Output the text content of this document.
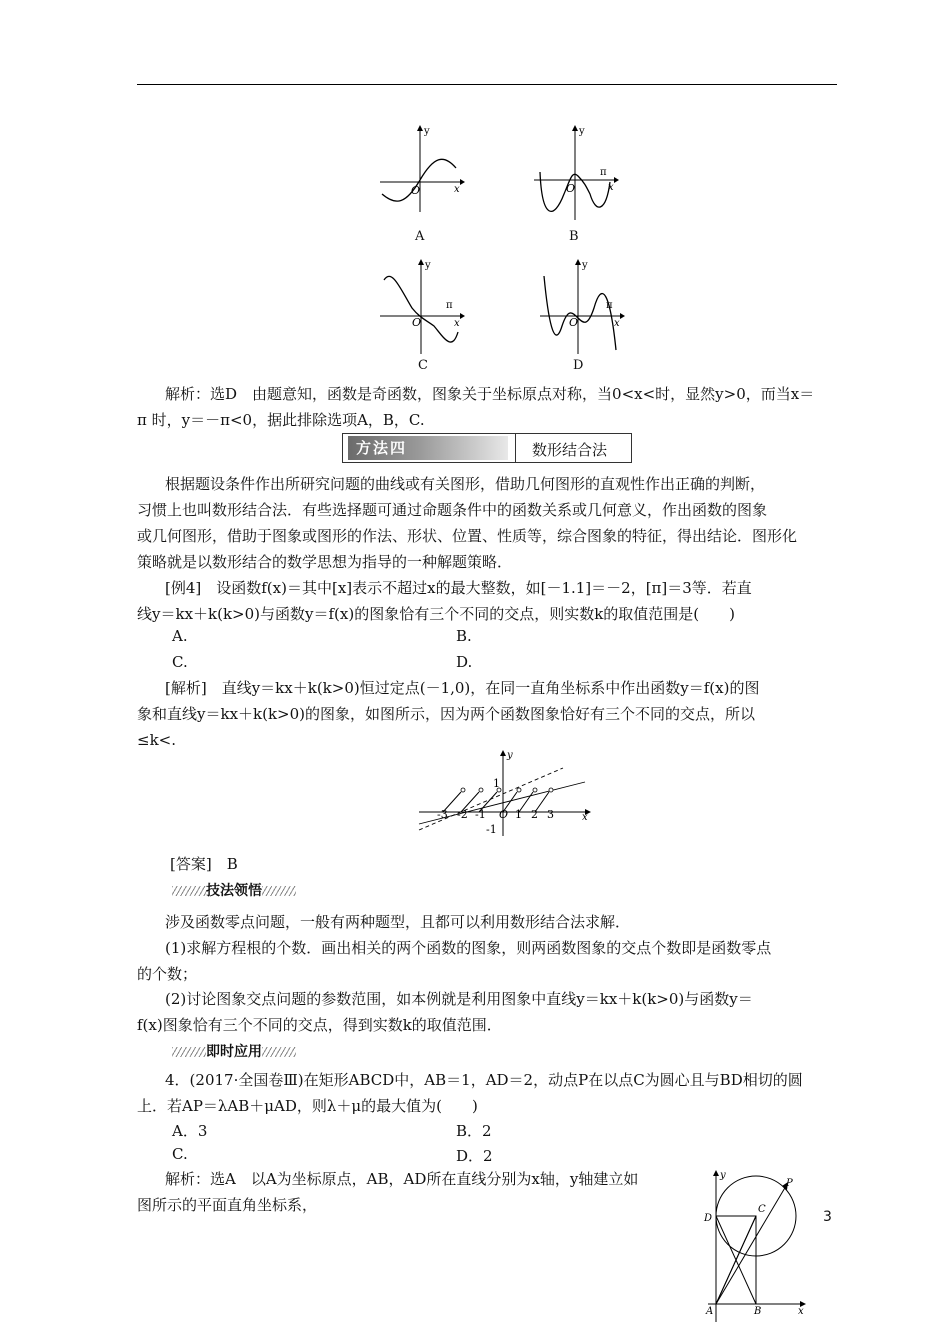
y
x
O
A
y
π
x
O
B
y
π
x
O
C
y
π
x
O
D
解析：选D　由题意知，函数是奇函数，图象关于坐标原点对称，当0<x<时，显然y>0，而当x＝
π 时，y＝－π<0，据此排除选项A，B，C.
方法四	数形结合法
根据题设条件作出所研究问题的曲线或有关图形，借助几何图形的直观性作出正确的判断，
习惯上也叫数形结合法．有些选择题可通过命题条件中的函数关系或几何意义，作出函数的图象
或几何图形，借助于图象或图形的作法、形状、位置、性质等，综合图象的特征，得出结论．图形化
策略就是以数形结合的数学思想为指导的一种解题策略．
[例4]　设函数f(x)＝其中[x]表示不超过x的最大整数，如[－1.1]＝－2，[π]＝3等．若直
线y＝kx＋k(k>0)与函数y＝f(x)的图象恰有三个不同的交点，则实数k的取值范围是(　　)
A.	B.
C.	D.
[解析]　直线y＝kx＋k(k>0)恒过定点(－1,0)，在同一直角坐标系中作出函数y＝f(x)的图
象和直线y＝kx＋k(k>0)的图象，如图所示，因为两个函数图象恰好有三个不同的交点，所以
≤k<.
-3 -2 -1 O 1 2 3	x
y
1
-1
[答案]　B
技法领悟
涉及函数零点问题，一般有两种题型，且都可以利用数形结合法求解．
(1)求解方程根的个数．画出相关的两个函数的图象，则两函数图象的交点个数即是函数零点
的个数；
(2)讨论图象交点问题的参数范围，如本例就是利用图象中直线y＝kx＋k(k>0)与函数y＝
f(x)图象恰有三个不同的交点，得到实数k的取值范围．
即时应用
4．(2017·全国卷Ⅲ)在矩形ABCD中，AB＝1，AD＝2，动点P在以点C为圆心且与BD相切的圆
上．若AP＝λAB＋μAD，则λ＋μ的最大值为(　　)
A．3	B．2
C.	D．2
解析：选A　以A为坐标原点，AB，AD所在直线分别为x轴，y轴建立如
图所示的平面直角坐标系，
y
P
C
D
A	B	x
3
